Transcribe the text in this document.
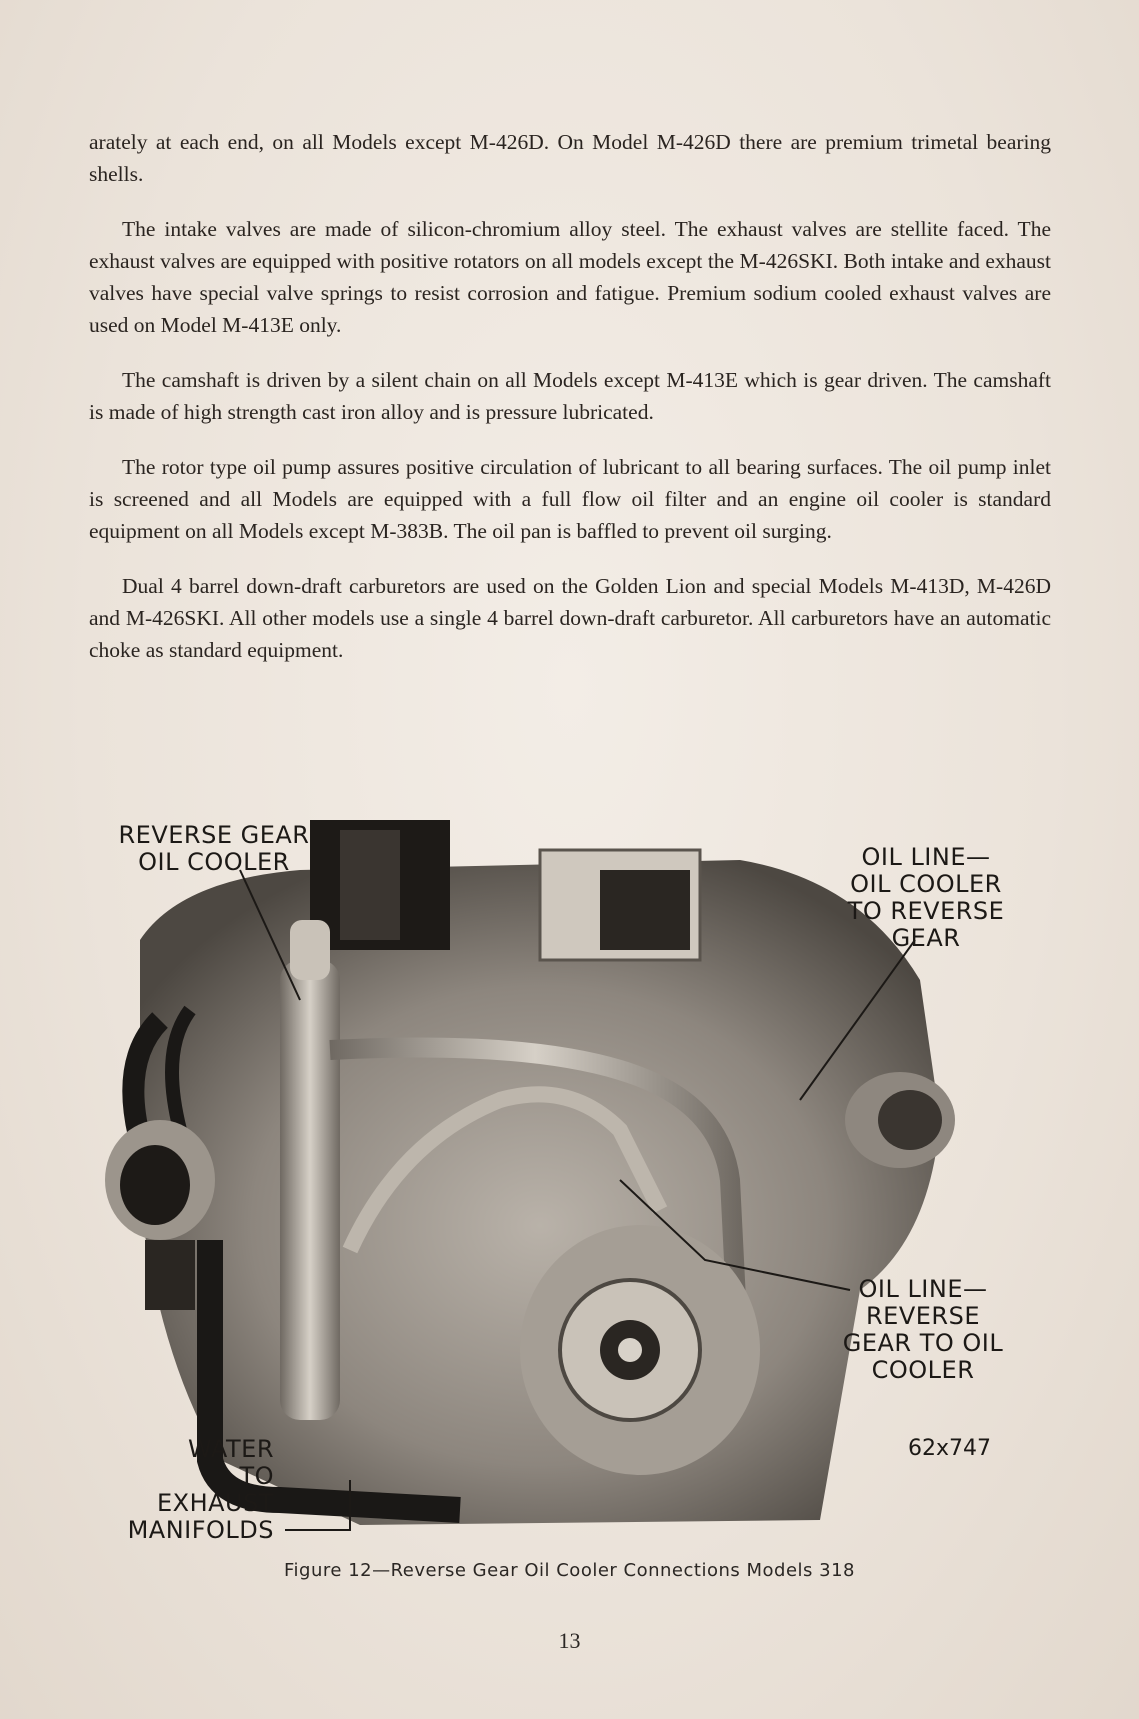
arately at each end, on all Models except M-426D. On Model M-426D there are premium trimetal bearing shells.

The intake valves are made of silicon-chromium alloy steel. The exhaust valves are stellite faced. The exhaust valves are equipped with positive rotators on all models except the M-426SKI. Both intake and exhaust valves have special valve springs to resist corrosion and fatigue. Premium sodium cooled exhaust valves are used on Model M-413E only.

The camshaft is driven by a silent chain on all Models except M-413E which is gear driven. The camshaft is made of high strength cast iron alloy and is pressure lubricated.

The rotor type oil pump assures positive circulation of lubricant to all bearing surfaces. The oil pump inlet is screened and all Models are equipped with a full flow oil filter and an engine oil cooler is standard equipment on all Models except M-383B. The oil pan is baffled to prevent oil surging.

Dual 4 barrel down-draft carburetors are used on the Golden Lion and special Models M-413D, M-426D and M-426SKI. All other models use a single 4 barrel down-draft carburetor. All carburetors have an automatic choke as standard equipment.

REVERSE GEAR
OIL COOLER	OIL LINE—
OIL COOLER
TO REVERSE
GEAR
OIL LINE—
REVERSE
GEAR TO OIL
COOLER
WATER
TO
EXHAUST
MANIFOLDS
62x747
Figure 12—Reverse Gear Oil Cooler Connections Models 318
13
